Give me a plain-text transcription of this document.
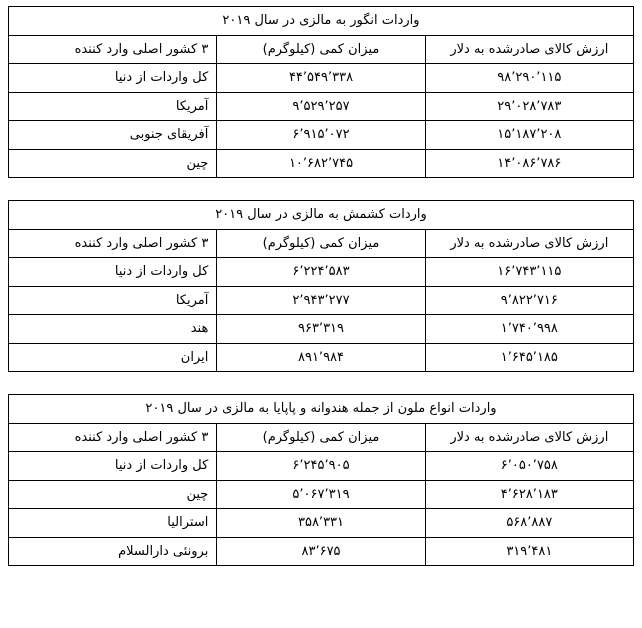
واردات انگور به مالزی در سال ۲۰۱۹		
ارزش کالای صادرشده به دلار	میزان کمی (کیلوگرم)	۳ کشور اصلی وارد کننده
۹۸٬۲۹۰٬۱۱۵	۴۴٬۵۴۹٬۳۳۸	کل واردات از دنیا
۲۹٬۰۲۸٬۷۸۳	۹٬۵۲۹٬۲۵۷	آمریکا
۱۵٬۱۸۷٬۲۰۸	۶٬۹۱۵٬۰۷۲	آفریقای جنوبی
۱۴٬۰۸۶٬۷۸۶	۱۰٬۶۸۲٬۷۴۵	چین
واردات کشمش به مالزی در سال ۲۰۱۹		
ارزش کالای صادرشده به دلار	میزان کمی (کیلوگرم)	۳ کشور اصلی وارد کننده
۱۶٬۷۴۳٬۱۱۵	۶٬۲۲۴٬۵۸۳	کل واردات از دنیا
۹٬۸۲۲٬۷۱۶	۲٬۹۴۳٬۲۷۷	آمریکا
۱٬۷۴۰٬۹۹۸	۹۶۳٬۳۱۹	هند
۱٬۶۴۵٬۱۸۵	۸۹۱٬۹۸۴	ایران
واردات انواع ملون از جمله هندوانه و پاپایا به مالزی در سال ۲۰۱۹		
ارزش کالای صادرشده به دلار	میزان کمی (کیلوگرم)	۳ کشور اصلی وارد کننده
۶٬۰۵۰٬۷۵۸	۶٬۲۴۵٬۹۰۵	کل واردات از دنیا
۴٬۶۲۸٬۱۸۳	۵٬۰۶۷٬۳۱۹	چین
۵۶۸٬۸۸۷	۳۵۸٬۳۳۱	استرالیا
۳۱۹٬۴۸۱	۸۳٬۶۷۵	برونئی دارالسلام
